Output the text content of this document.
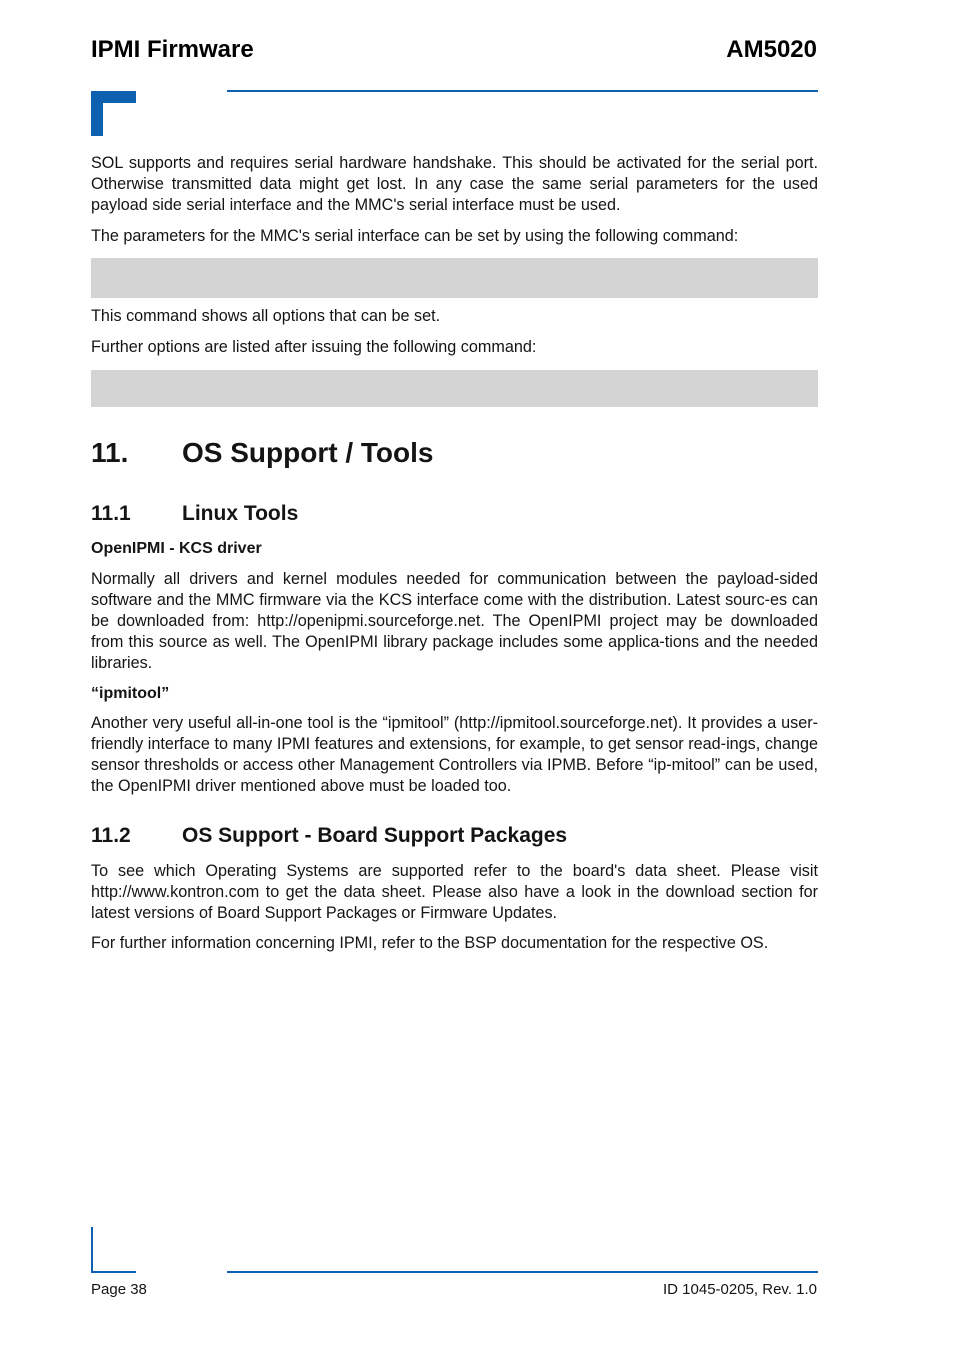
IPMI Firmware	AM5020
SOL supports and requires serial hardware handshake. This should be activated for the serial port. Otherwise transmitted data might get lost. In any case the same serial parameters for the used payload side serial interface and the MMC's serial interface must be used.
The parameters for the MMC's serial interface can be set by using the following command:
This command shows all options that can be set.
Further options are listed after issuing the following command:
11. OS Support / Tools
11.1 Linux Tools
OpenIPMI - KCS driver
Normally all drivers and kernel modules needed for communication between the payload-sided software and the MMC firmware via the KCS interface come with the distribution. Latest sourc-es can be downloaded from: http://openipmi.sourceforge.net. The OpenIPMI project may be downloaded from this source as well. The OpenIPMI library package includes some applica-tions and the needed libraries.
“ipmitool”
Another very useful all-in-one tool is the “ipmitool” (http://ipmitool.sourceforge.net). It provides a user-friendly interface to many IPMI features and extensions, for example, to get sensor read-ings, change sensor thresholds or access other Management Controllers via IPMB. Before “ip-mitool” can be used, the OpenIPMI driver mentioned above must be loaded too.
11.2 OS Support - Board Support Packages
To see which Operating Systems are supported refer to the board's data sheet. Please visit http://www.kontron.com to get the data sheet. Please also have a look in the download section for latest versions of Board Support Packages or Firmware Updates.
For further information concerning IPMI, refer to the BSP documentation for the respective OS.
Page 38	ID 1045-0205, Rev. 1.0
